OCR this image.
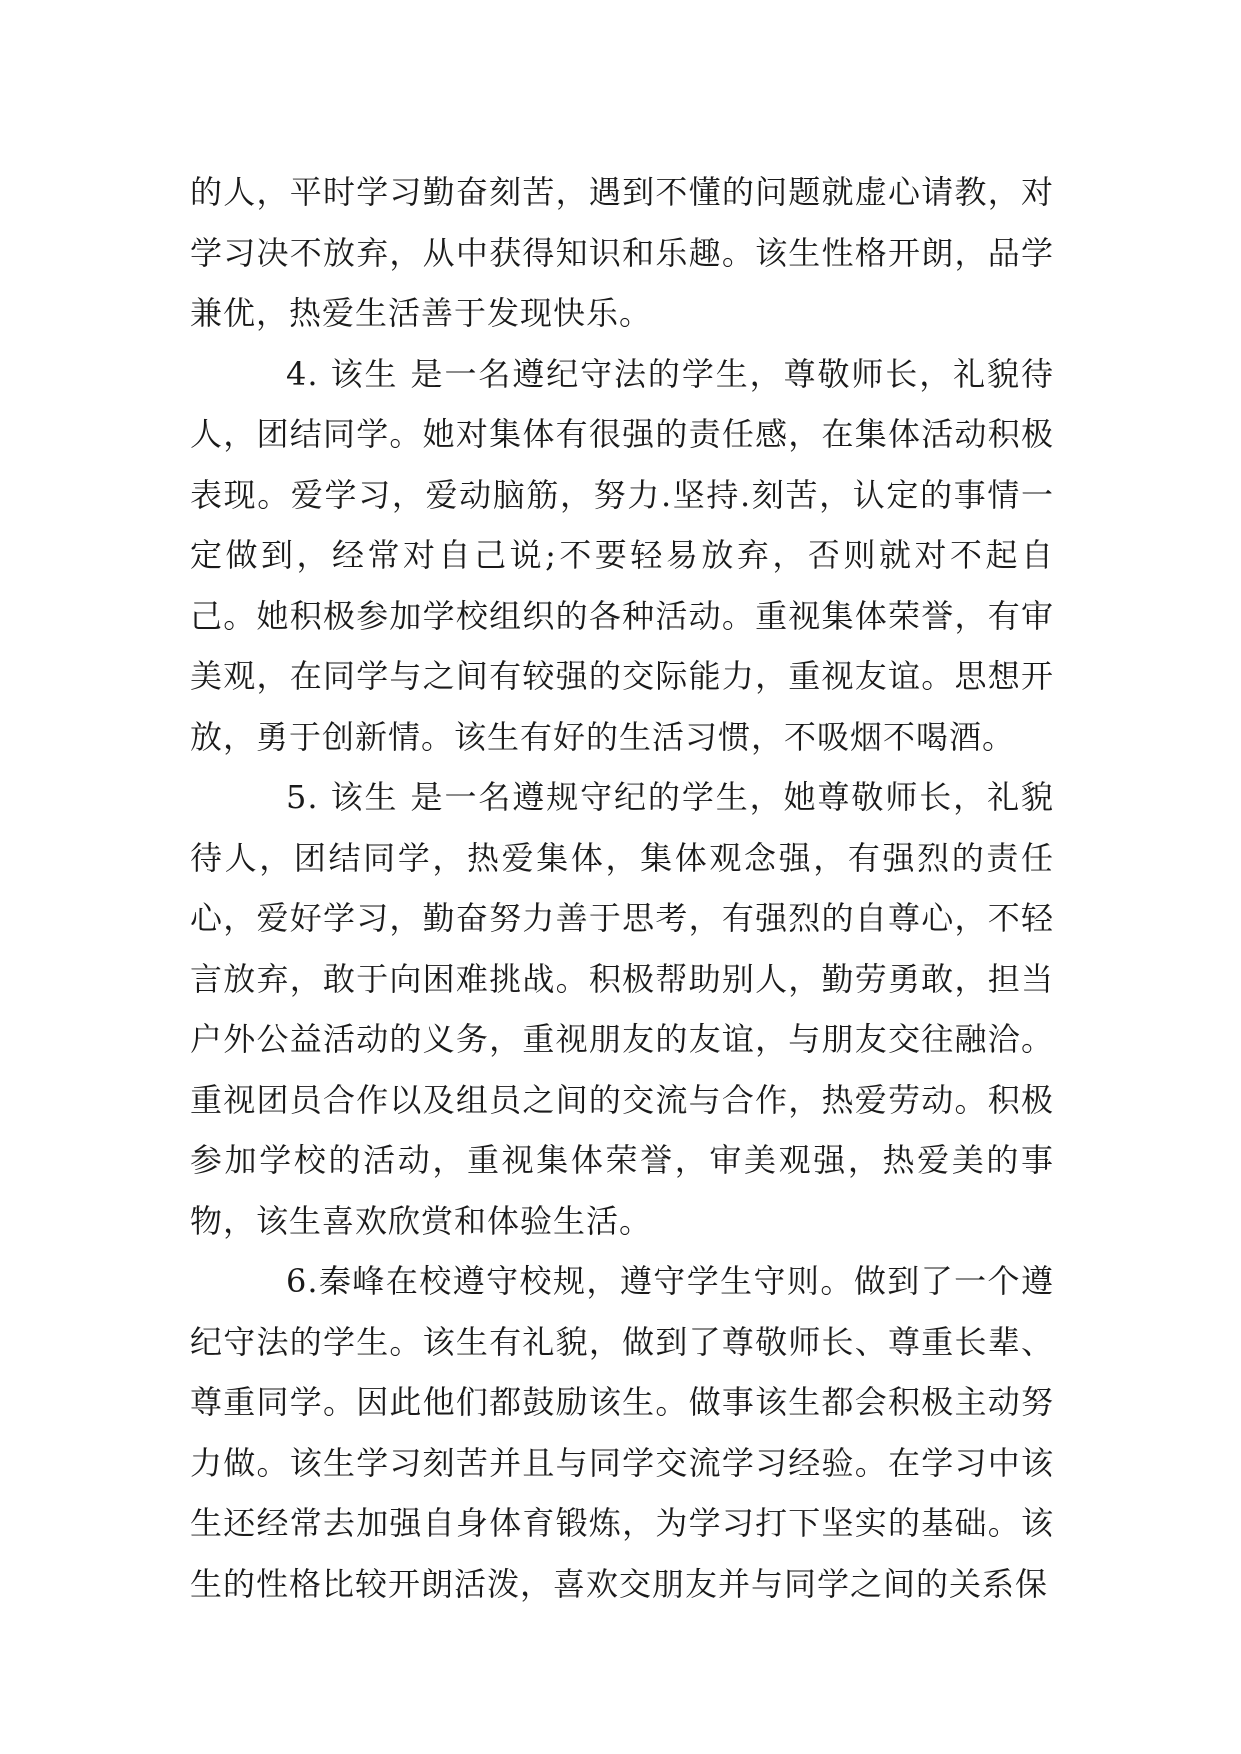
的人，平时学习勤奋刻苦，遇到不懂的问题就虚心请教，对学习决不放弃，从中获得知识和乐趣。该生性格开朗，品学兼优，热爱生活善于发现快乐。

4. 该生 是一名遵纪守法的学生，尊敬师长，礼貌待人，团结同学。她对集体有很强的责任感，在集体活动积极表现。爱学习，爱动脑筋，努力.坚持.刻苦，认定的事情一定做到，经常对自己说;不要轻易放弃，否则就对不起自己。她积极参加学校组织的各种活动。重视集体荣誉，有审美观，在同学与之间有较强的交际能力，重视友谊。思想开放，勇于创新情。该生有好的生活习惯，不吸烟不喝酒。

5. 该生 是一名遵规守纪的学生，她尊敬师长，礼貌待人，团结同学，热爱集体，集体观念强，有强烈的责任心，爱好学习，勤奋努力善于思考，有强烈的自尊心，不轻言放弃，敢于向困难挑战。积极帮助别人，勤劳勇敢，担当户外公益活动的义务，重视朋友的友谊，与朋友交往融洽。重视团员合作以及组员之间的交流与合作，热爱劳动。积极参加学校的活动，重视集体荣誉，审美观强，热爱美的事物，该生喜欢欣赏和体验生活。

6.秦峰在校遵守校规，遵守学生守则。做到了一个遵纪守法的学生。该生有礼貌，做到了尊敬师长、尊重长辈、尊重同学。因此他们都鼓励该生。做事该生都会积极主动努力做。该生学习刻苦并且与同学交流学习经验。在学习中该生还经常去加强自身体育锻炼，为学习打下坚实的基础。该生的性格比较开朗活泼，喜欢交朋友并与同学之间的关系保
